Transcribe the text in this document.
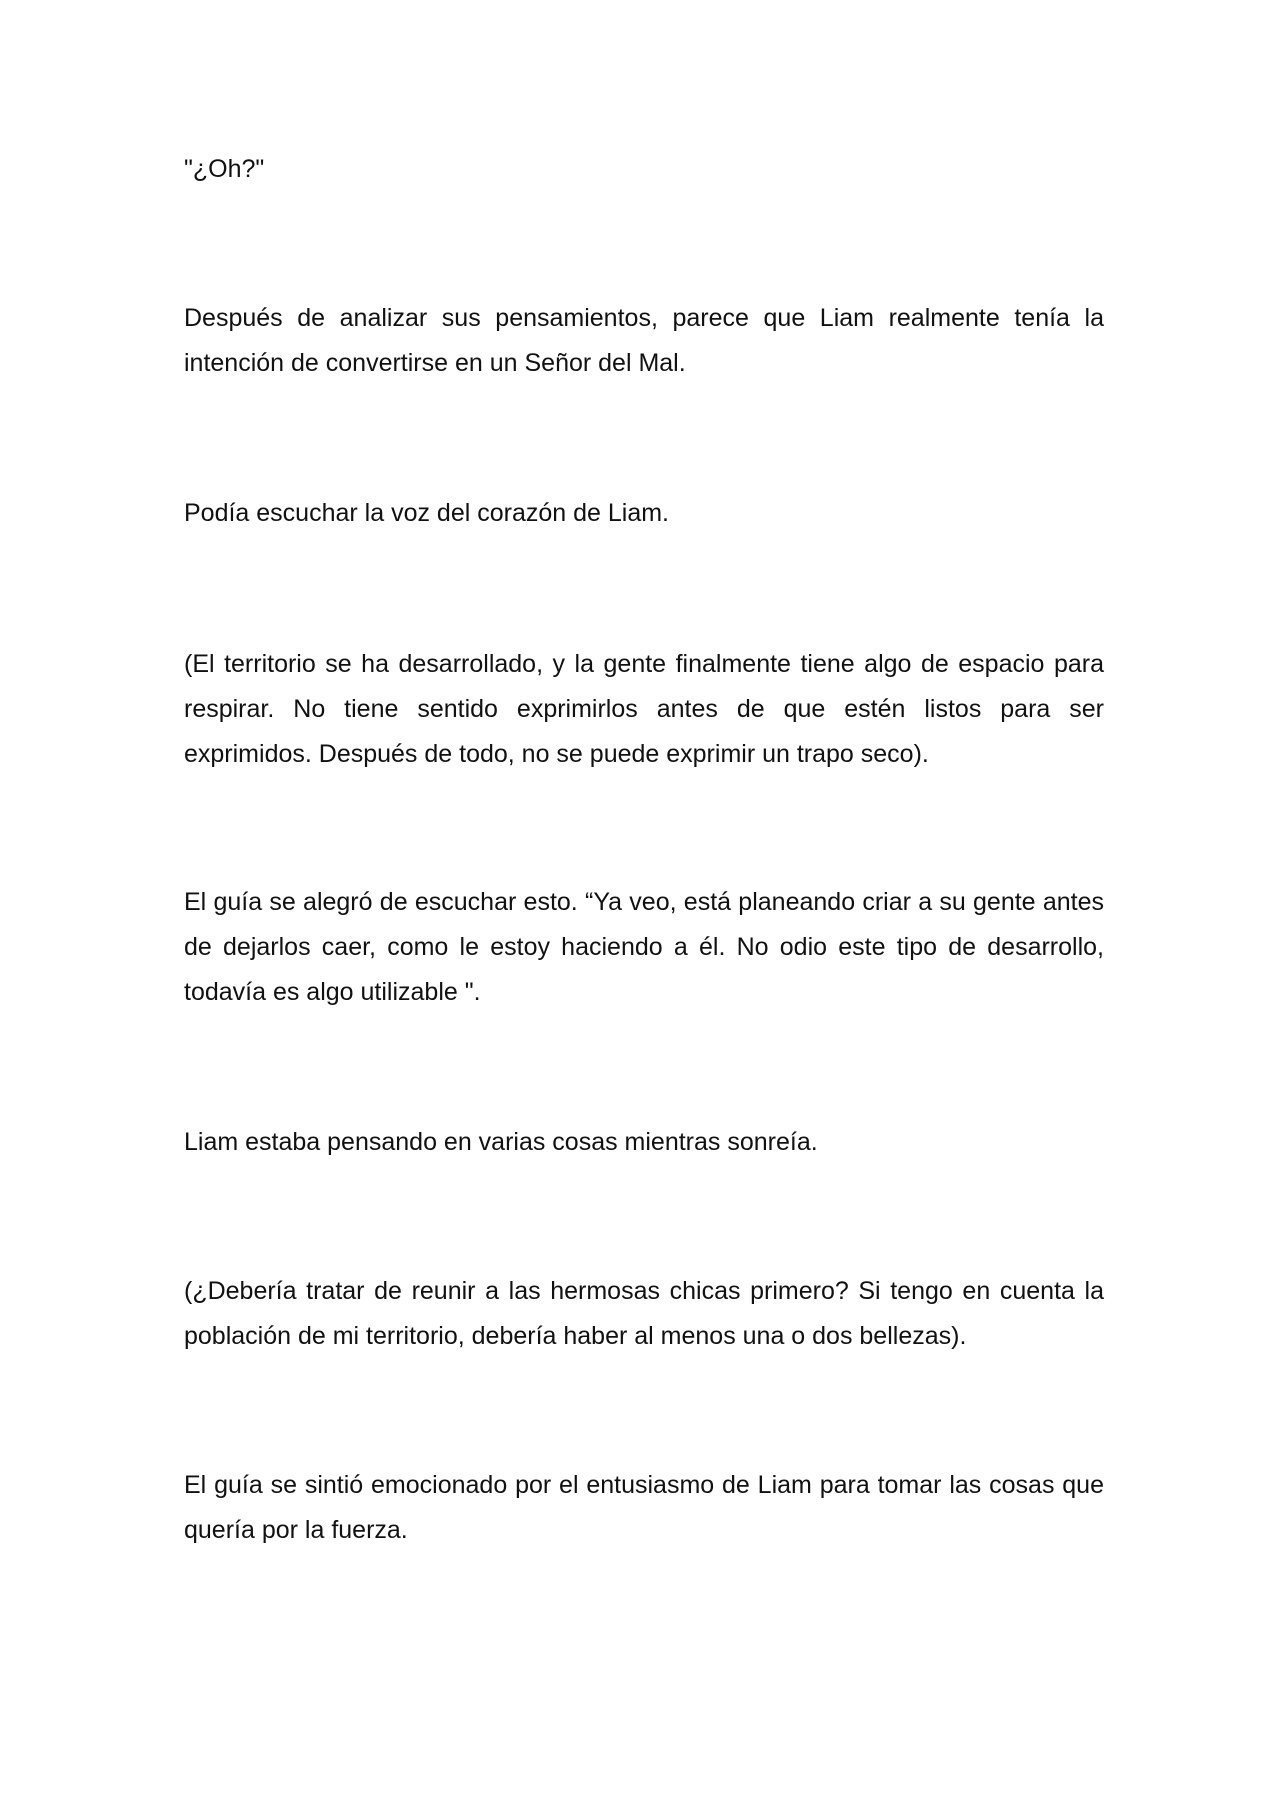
"¿Oh?"

Después de analizar sus pensamientos, parece que Liam realmente tenía la intención de convertirse en un Señor del Mal.

Podía escuchar la voz del corazón de Liam.

(El territorio se ha desarrollado, y la gente finalmente tiene algo de espacio para respirar. No tiene sentido exprimirlos antes de que estén listos para ser exprimidos. Después de todo, no se puede exprimir un trapo seco).

El guía se alegró de escuchar esto. “Ya veo, está planeando criar a su gente antes de dejarlos caer, como le estoy haciendo a él. No odio este tipo de desarrollo, todavía es algo utilizable ".

Liam estaba pensando en varias cosas mientras sonreía.

(¿Debería tratar de reunir a las hermosas chicas primero? Si tengo en cuenta la población de mi territorio, debería haber al menos una o dos bellezas).

El guía se sintió emocionado por el entusiasmo de Liam para tomar las cosas que quería por la fuerza.
